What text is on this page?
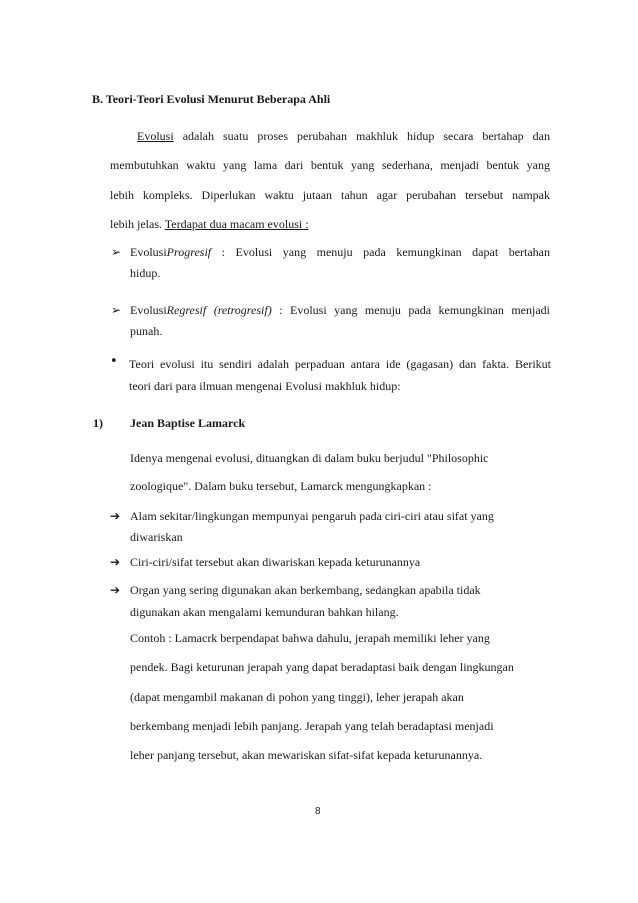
B. Teori-Teori Evolusi Menurut Beberapa Ahli
Evolusi adalah suatu proses perubahan makhluk hidup secara bertahap dan
membutuhkan waktu yang lama dari bentuk yang sederhana, menjadi bentuk yang
lebih kompleks. Diperlukan waktu jutaan tahun agar perubahan tersebut nampak
lebih jelas. Terdapat dua macam evolusi :
➢ EvolusiProgresif : Evolusi yang menuju pada kemungkinan dapat bertahan
hidup.
➢ EvolusiRegresif (retrogresif) : Evolusi yang menuju pada kemungkinan menjadi
punah.
• Teori evolusi itu sendiri adalah perpaduan antara ide (gagasan) dan fakta. Berikut
teori dari para ilmuan mengenai Evolusi makhluk hidup:
1) Jean Baptise Lamarck
Idenya mengenai evolusi, dituangkan di dalam buku berjudul "Philosophic
zoologique". Dalam buku tersebut, Lamarck mengungkapkan :
➔ Alam sekitar/lingkungan mempunyai pengaruh pada ciri-ciri atau sifat yang
diwariskan
➔ Ciri-ciri/sifat tersebut akan diwariskan kepada keturunannya
➔ Organ yang sering digunakan akan berkembang, sedangkan apabila tidak
digunakan akan mengalami kemunduran bahkan hilang.
Contoh : Lamacrk berpendapat bahwa dahulu, jerapah memiliki leher yang
pendek. Bagi keturunan jerapah yang dapat beradaptasi baik dengan lingkungan
(dapat mengambil makanan di pohon yang tinggi), leher jerapah akan
berkembang menjadi lebih panjang. Jerapah yang telah beradaptasi menjadi
leher panjang tersebut, akan mewariskan sifat-sifat kepada keturunannya.
8
